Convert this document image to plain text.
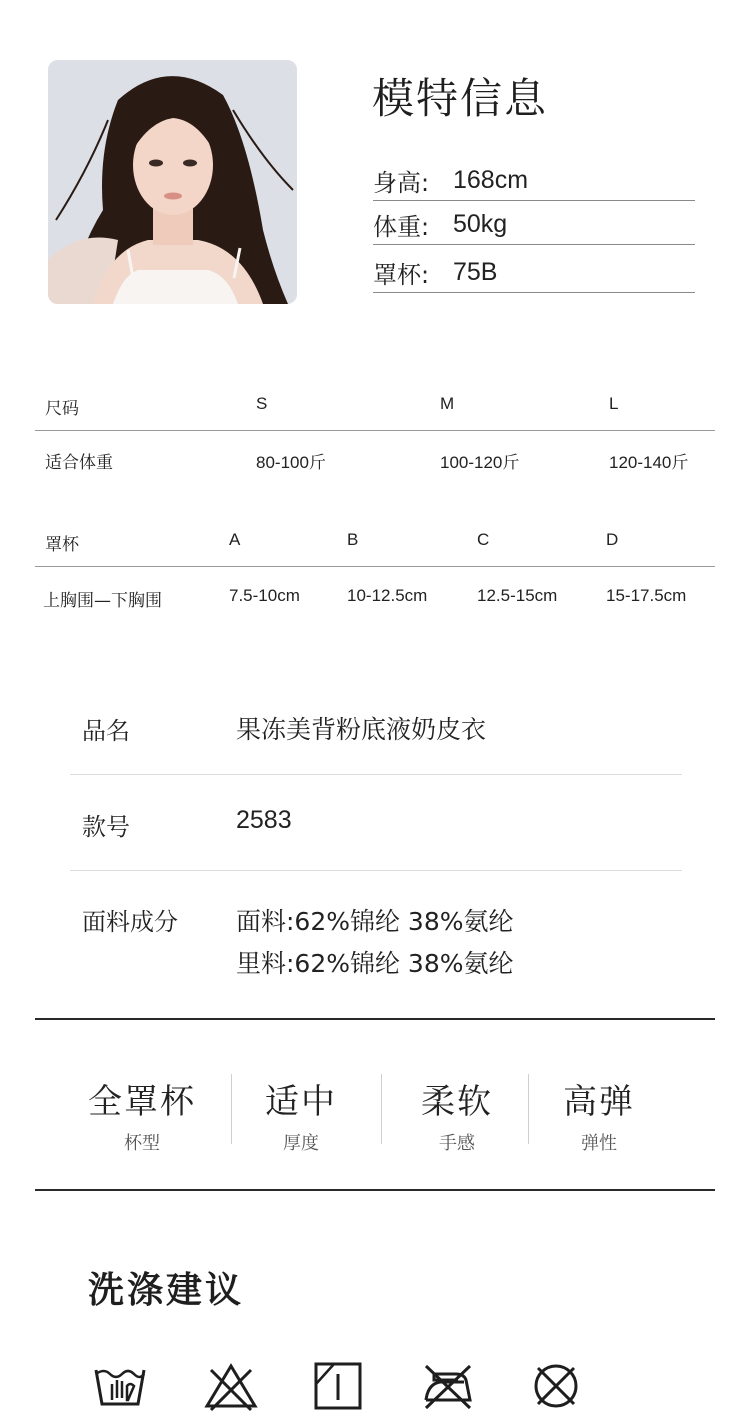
模特信息
身高: 168cm
体重: 50kg
罩杯: 75B
尺码	S	M	L
适合体重	80-100斤	100-120斤	120-140斤
罩杯	A	B	C	D
上胸围—下胸围	7.5-10cm	10-12.5cm	12.5-15cm	15-17.5cm
品名	果冻美背粉底液奶皮衣
款号	2583
面料成分 面料:62%锦纶 38%氨纶
里料:62%锦纶 38%氨纶
全罩杯
杯型
适中
厚度
柔软
手感
高弹
弹性
洗涤建议
